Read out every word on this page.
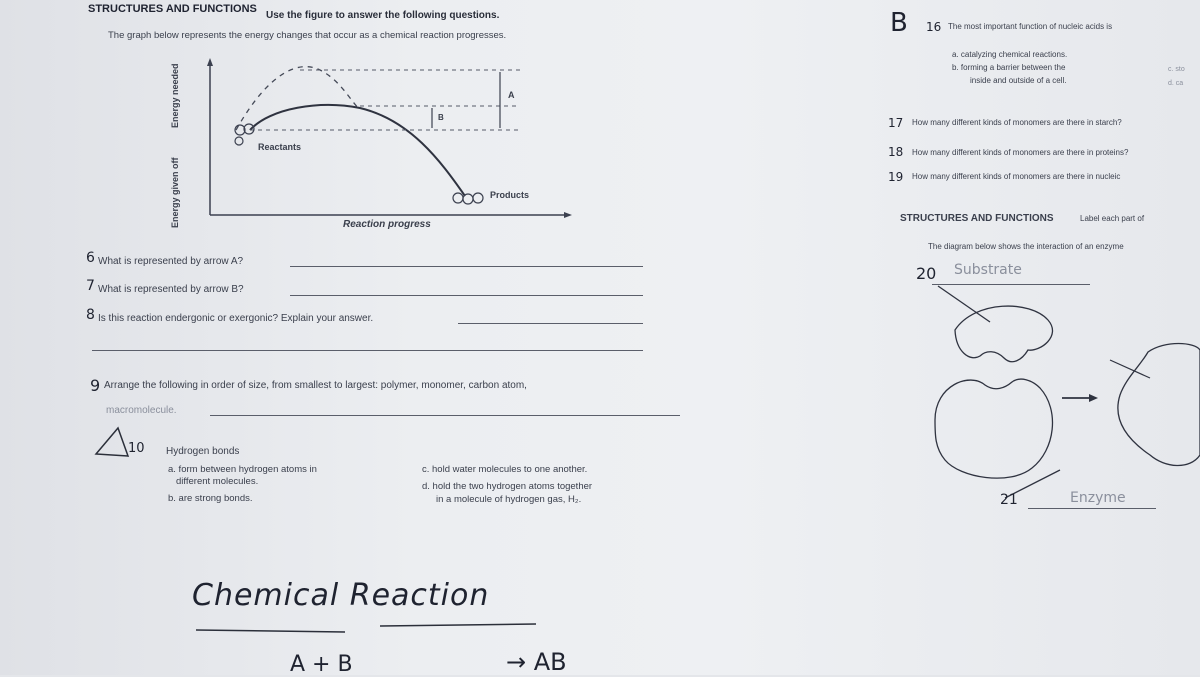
STRUCTURES AND FUNCTIONS
Use the figure to answer the following questions.
The graph below represents the energy changes that occur as a chemical reaction progresses.
Energy needed
Energy given off
Reactants
Products
Reaction progress
A
B
6 What is represented by arrow A?
7 What is represented by arrow B?
8 Is this reaction endergonic or exergonic? Explain your answer.
9 Arrange the following in order of size, from smallest to largest: polymer, monomer, carbon atom,
macromolecule.
10 Hydrogen bonds
a. form between hydrogen atoms in
different molecules.
b. are strong bonds.
c. hold water molecules to one another.
d. hold the two hydrogen atoms together
in a molecule of hydrogen gas, H₂.
Chemical Reaction
A + B	→ AB
B 16 The most important function of nucleic acids is
a. catalyzing chemical reactions.
b. forming a barrier between the
inside and outside of a cell.
c. sto
d. ca
17 How many different kinds of monomers are there in starch?
18 How many different kinds of monomers are there in proteins?
19 How many different kinds of monomers are there in nucleic
STRUCTURES AND FUNCTIONS	Label each part of
The diagram below shows the interaction of an enzyme
20 Substrate
21	Enzyme
